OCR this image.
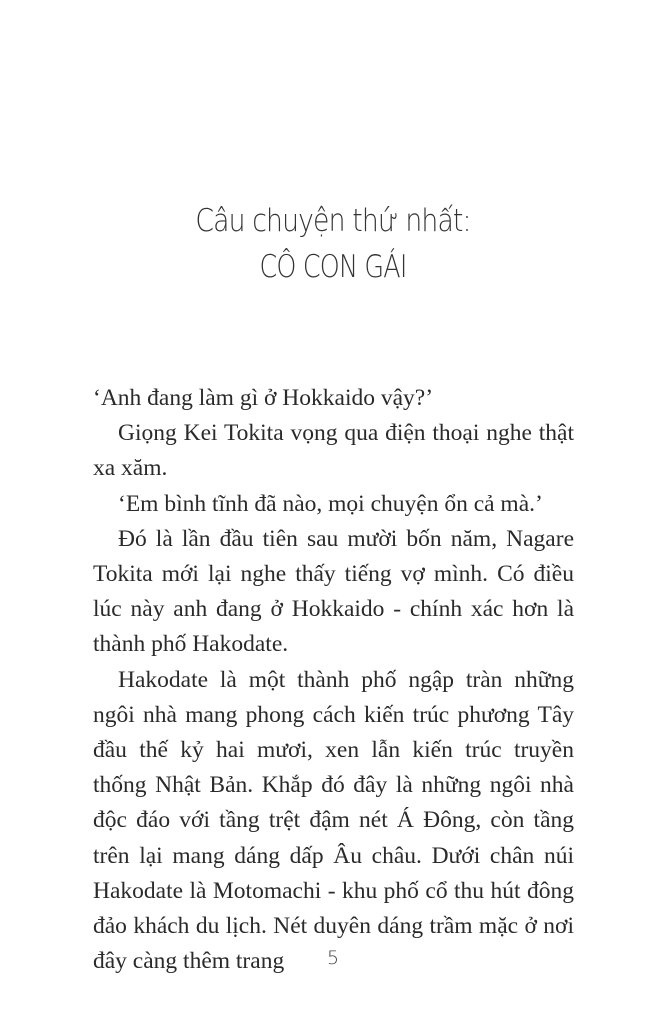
Câu chuyện thứ nhất:
CÔ CON GÁI

‘Anh đang làm gì ở Hokkaido vậy?’

Giọng Kei Tokita vọng qua điện thoại nghe thật xa xăm.

‘Em bình tĩnh đã nào, mọi chuyện ổn cả mà.’

Đó là lần đầu tiên sau mười bốn năm, Nagare Tokita mới lại nghe thấy tiếng vợ mình. Có điều lúc này anh đang ở Hokkaido - chính xác hơn là thành phố Hakodate.

Hakodate là một thành phố ngập tràn những ngôi nhà mang phong cách kiến trúc phương Tây đầu thế kỷ hai mươi, xen lẫn kiến trúc truyền thống Nhật Bản. Khắp đó đây là những ngôi nhà độc đáo với tầng trệt đậm nét Á Đông, còn tầng trên lại mang dáng dấp Âu châu. Dưới chân núi Hakodate là Motomachi - khu phố cổ thu hút đông đảo khách du lịch. Nét duyên dáng trầm mặc ở nơi đây càng thêm trang	5
